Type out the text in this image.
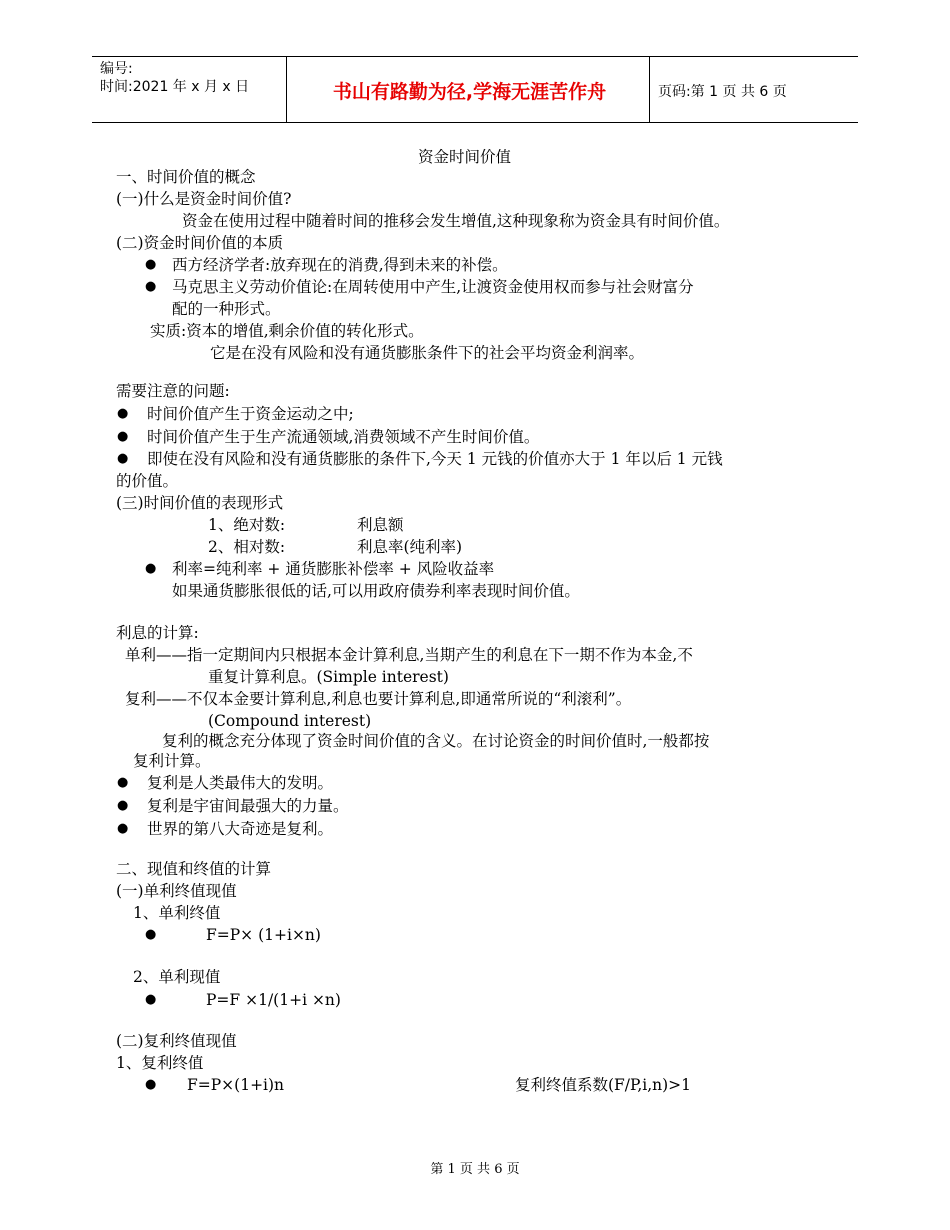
编号:
时间:2021 年 x 月 x 日	书山有路勤为径,学海无涯苦作舟	页码:第 1 页 共 6 页
资金时间价值
一、时间价值的概念
(一)什么是资金时间价值?
资金在使用过程中随着时间的推移会发生增值,这种现象称为资金具有时间价值。
(二)资金时间价值的本质
● 西方经济学者:放弃现在的消费,得到未来的补偿。
● 马克思主义劳动价值论:在周转使用中产生,让渡资金使用权而参与社会财富分
配的一种形式。
实质:资本的增值,剩余价值的转化形式。
它是在没有风险和没有通货膨胀条件下的社会平均资金利润率。
需要注意的问题:
● 时间价值产生于资金运动之中;
● 时间价值产生于生产流通领域,消费领域不产生时间价值。
● 即使在没有风险和没有通货膨胀的条件下,今天 1 元钱的价值亦大于 1 年以后 1 元钱
的价值。
(三)时间价值的表现形式
1、绝对数:	利息额
2、相对数:	利息率(纯利率)
● 利率=纯利率 + 通货膨胀补偿率 + 风险收益率
如果通货膨胀很低的话,可以用政府债券利率表现时间价值。
利息的计算:
单利——指一定期间内只根据本金计算利息,当期产生的利息在下一期不作为本金,不
重复计算利息。(Simple interest)
复利——不仅本金要计算利息,利息也要计算利息,即通常所说的“利滚利”。
(Compound interest)
复利的概念充分体现了资金时间价值的含义。在讨论资金的时间价值时,一般都按
复利计算。
● 复利是人类最伟大的发明。
● 复利是宇宙间最强大的力量。
● 世界的第八大奇迹是复利。
二、现值和终值的计算
(一)单利终值现值
1、单利终值
●	F=P× (1+i×n)
2、单利现值
●	P=F ×1/(1+i ×n)
(二)复利终值现值
1、复利终值
● F=P×(1+i)n	复利终值系数(F/P,i,n)>1
第 1 页 共 6 页
